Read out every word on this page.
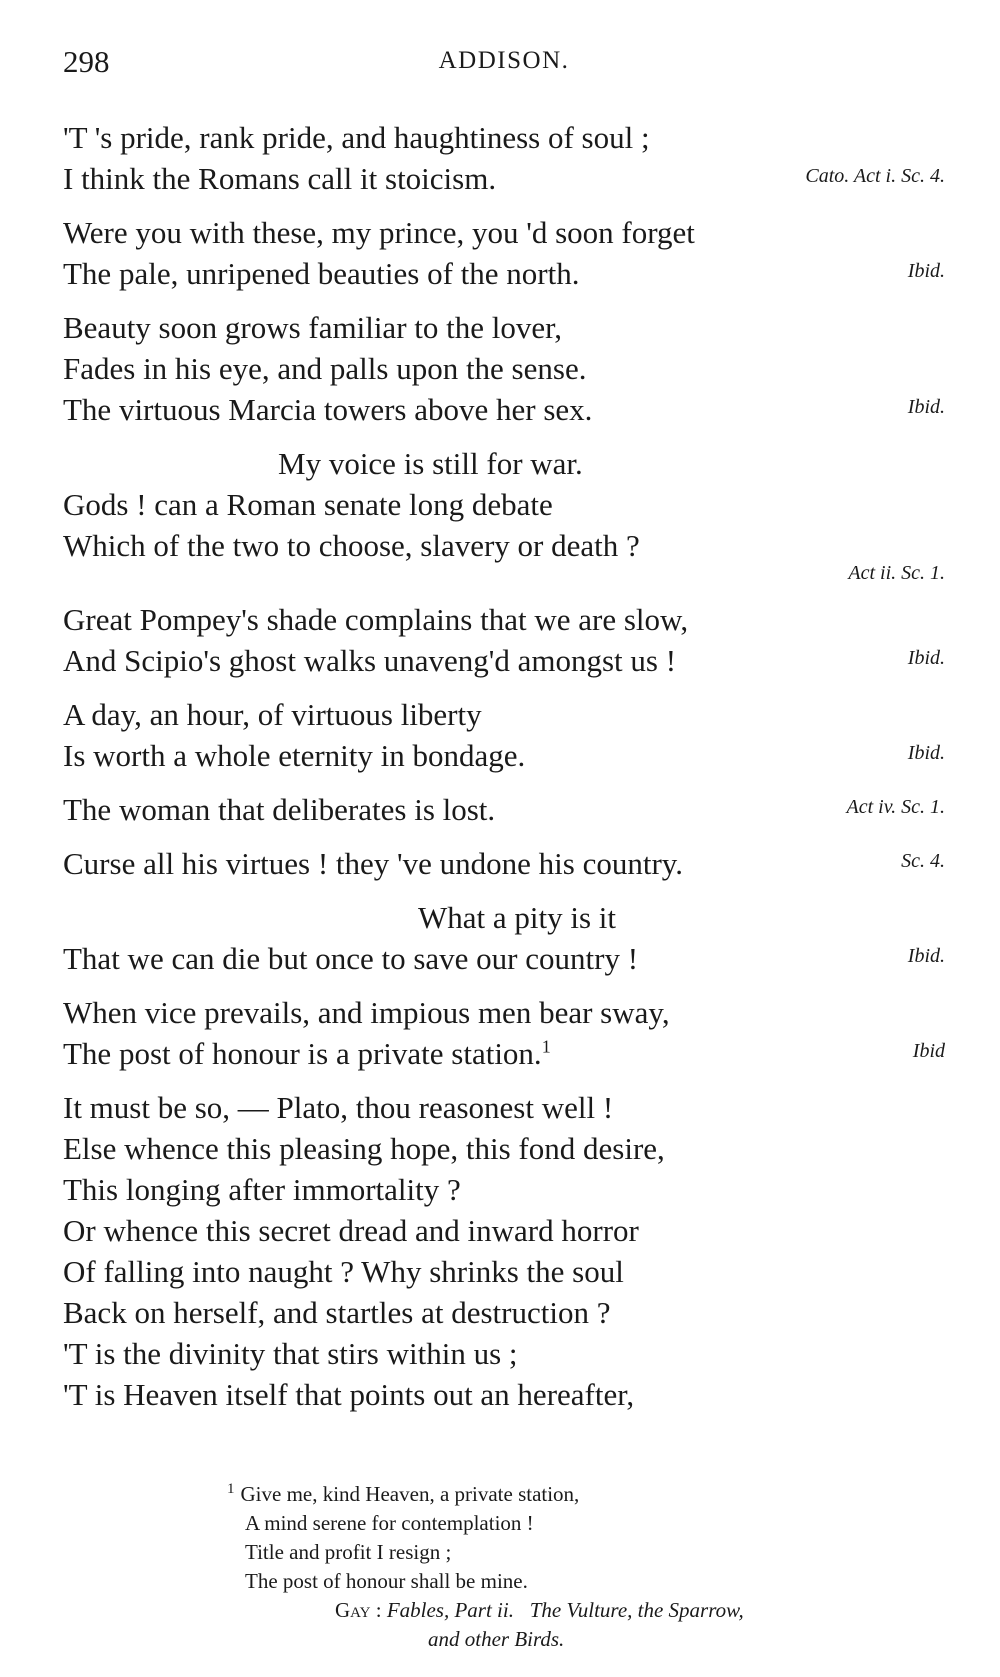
298	ADDISON.
'T 's pride, rank pride, and haughtiness of soul ;
I think the Romans call it stoicism.	Cato. Act i. Sc. 4.
Were you with these, my prince, you 'd soon forget
The pale, unripened beauties of the north.	Ibid.
Beauty soon grows familiar to the lover,
Fades in his eye, and palls upon the sense.
The virtuous Marcia towers above her sex.	Ibid.
My voice is still for war.
Gods ! can a Roman senate long debate
Which of the two to choose, slavery or death ?
Act ii. Sc. 1.
Great Pompey's shade complains that we are slow,
And Scipio's ghost walks unaveng'd amongst us !	Ibid.
A day, an hour, of virtuous liberty
Is worth a whole eternity in bondage.	Ibid.
The woman that deliberates is lost.	Act iv. Sc. 1.
Curse all his virtues ! they 've undone his country.	Sc. 4.
What a pity is it
That we can die but once to save our country !	Ibid.
When vice prevails, and impious men bear sway,
The post of honour is a private station.$^1$	Ibid
It must be so, — Plato, thou reasonest well !
Else whence this pleasing hope, this fond desire,
This longing after immortality ?
Or whence this secret dread and inward horror
Of falling into naught ? Why shrinks the soul
Back on herself, and startles at destruction ?
'T is the divinity that stirs within us ;
'T is Heaven itself that points out an hereafter,
$^1$ Give me, kind Heaven, a private station,
A mind serene for contemplation !
Title and profit I resign ;
The post of honour shall be mine.
Gay : Fables, Part ii. The Vulture, the Sparrow,
and other Birds.
